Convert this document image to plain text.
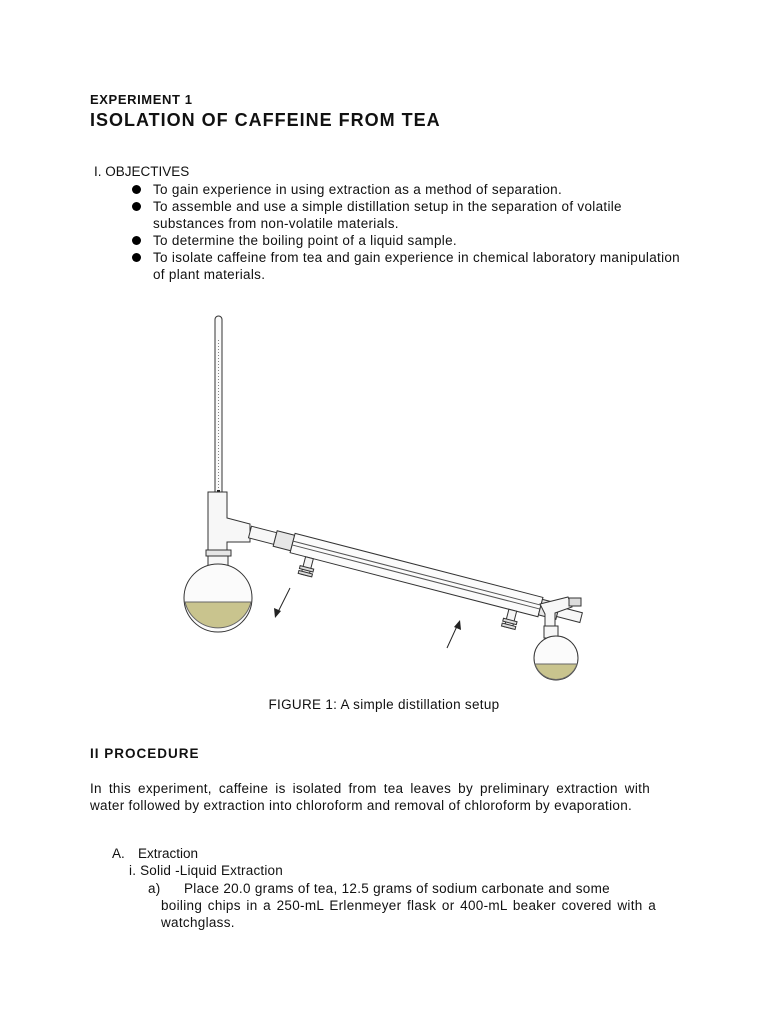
EXPERIMENT 1
ISOLATION OF CAFFEINE FROM TEA
I. OBJECTIVES
To gain experience in using extraction as a method of separation.
To assemble and use a simple distillation setup in the separation of volatile substances from non-volatile materials.
To determine the boiling point of a liquid sample.
To isolate caffeine from tea and gain experience in chemical laboratory manipulation of plant materials.
FIGURE 1: A simple distillation setup
II PROCEDURE
In this experiment, caffeine is isolated from tea leaves by preliminary extraction with water followed by extraction into chloroform and removal of chloroform by evaporation.
A. Extraction
i. Solid -Liquid Extraction
a) Place 20.0 grams of tea, 12.5 grams of sodium carbonate and some
boiling chips in a 250-mL Erlenmeyer flask or 400-mL beaker covered with a watchglass.
